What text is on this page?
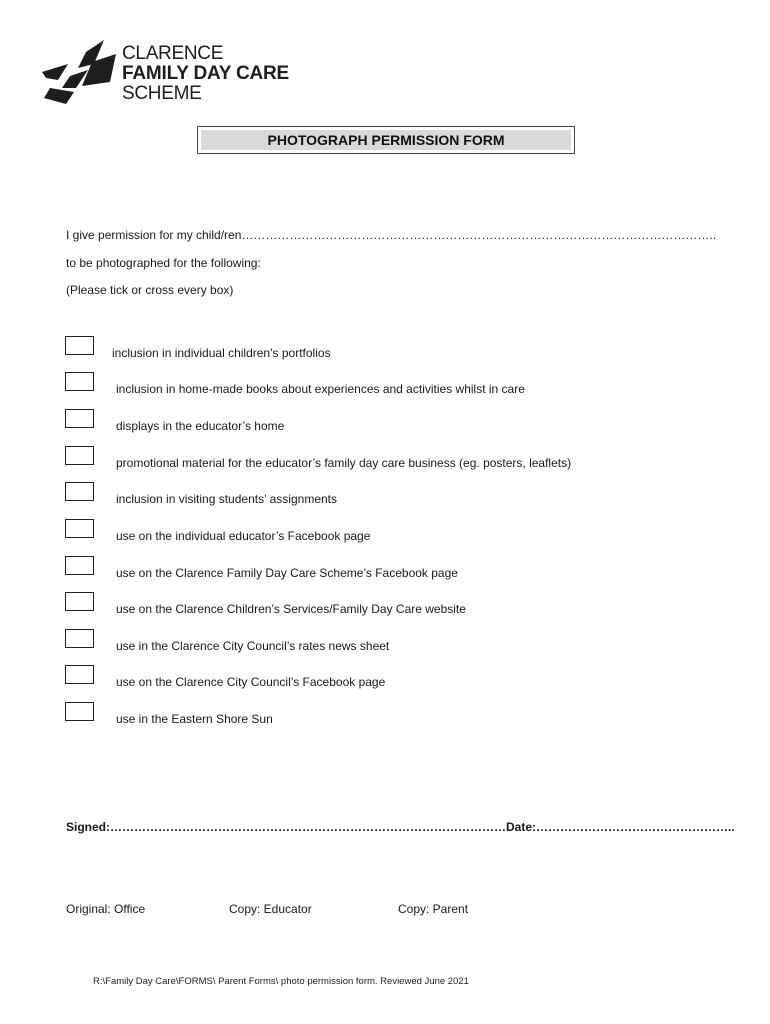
CLARENCE
FAMILY DAY CARE
SCHEME
PHOTOGRAPH PERMISSION FORM
I give permission for my child/ren………………………………………………………………………………………………………..
to be photographed for the following:
(Please tick or cross every box)
inclusion in individual children’s portfolios
inclusion in home-made books about experiences and activities whilst in care
displays in the educator’s home
promotional material for the educator’s family day care business (eg. posters, leaflets)
inclusion in visiting students’ assignments
use on the individual educator’s Facebook page
use on the Clarence Family Day Care Scheme’s Facebook page
use on the Clarence Children’s Services/Family Day Care website
use in the Clarence City Council’s rates news sheet
use on the Clarence City Council’s Facebook page
use in the Eastern Shore Sun
Signed:………………………………………………………………………………………Date:…………………………………………..
Original: Office	Copy: Educator	Copy: Parent
R:\Family Day Care\FORMS\ Parent Forms\ photo permission form. Reviewed June 2021
